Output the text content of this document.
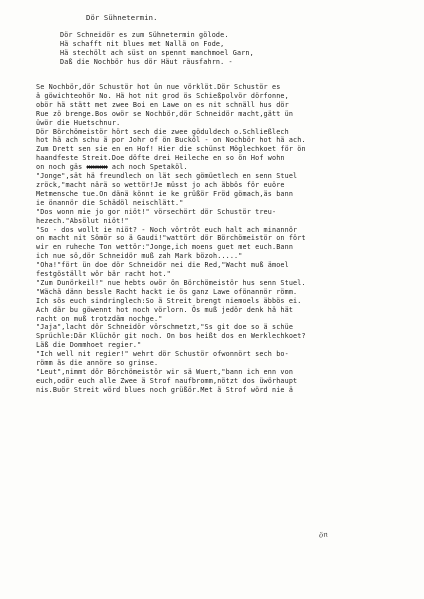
Dör Sühnetermin.
Dör Schneidör es zum Sühnetermin gölode.
Hä schafft nit blues met Nallä on Fode,
Hä stechölt ach süst on spennt manchmoel Garn,
Daß die Nochbör hus dör Häut räusfahrn. -
Se Nochbör,dör Schustör hot ün nue vörklöt.Dör Schustör es
ä göwichteohör No. Hä hot nit grod ös Schießpolvör dörfonne,
obör hä stätt met zwee Boi en Lawe on es nit schnäll hus dör
Rue zö brenge.Bos owör se Nochbör,dör Schneidör macht,gätt ün
üwör die Huetschnur.
Dör Börchömeistör hört sech die zwee göduldech o.Schließlech
hot hä ach schu ä por Johr of ön Bucköl - on Nochbör hot hä ach.
Zum Drett sen sie en en Hof! Hier die schünst Möglechkoet för ön
haandfeste Streit.Doe döfte drei Heileche en so ön Hof wohn
on noch gäs xxxxx ach noch Spetaköl.
"Jonge",sät hä freundlech on lät sech gömüetlech en senn Stuel
zröck,"macht närä so wettör!Je müsst jo ach äbbös för euöre
Metmensche tue.On dänä könnt ie ke grüßör Fröd gömach,äs bann
ie önannör die Schädöl neischlätt."
"Dos wonn mie jo gor niöt!" vörsechört dör Schustör treu-
hezech."Absölut niöt!"
"So - dos wollt ie niöt? - Noch vörtröt euch halt ach minannör
on macht nit Sömör so ä Gaudi!"wattört dör Börchömeistör on fört
wir en ruheche Ton wettör:"Jonge,ich moens guet met euch.Bann
ich nue sö,dör Schneidör muß zah Mark bözoh....."
"Oha!"fört ün doe dör Schneidör nei die Red,"Wacht muß ämoel
festgöställt wör bär racht hot."
"Zum Dunörkeil!" nue hebts owör ön Börchömeistör hus senn Stuel.
"Wächä dänn bessle Racht hackt ie ös ganz Lawe ofönannör römm.
Ich sös euch sindringlech:So ä Streit brengt niemoels äbbös ei.
Ach där bu göwennt hot noch vörlorn. Ös muß jedör denk hä hät
racht on muß trotzdäm nochge."
"Jaja",lacht dör Schneidör vörschmetzt,"Ss git doe so ä schüe
Sprüchle:Där Klüchör git noch. On bos heißt dos en Werklechkoet?
Läß die Dommhoet regier."
"Ich well nit regier!" wehrt dör Schustör ofwonnört sech bo-
römm äs die annöre so grinse.
"Leut",nimmt dör Börchömeistör wir sä Wuert,"bann ich enn von
euch,odör euch alle Zwee ä Strof naufbromm,nötzt dos üwörhaupt
nis.Buör Streit wörd blues noch grüßör.Met ä Strof wörd nie ä
ön
